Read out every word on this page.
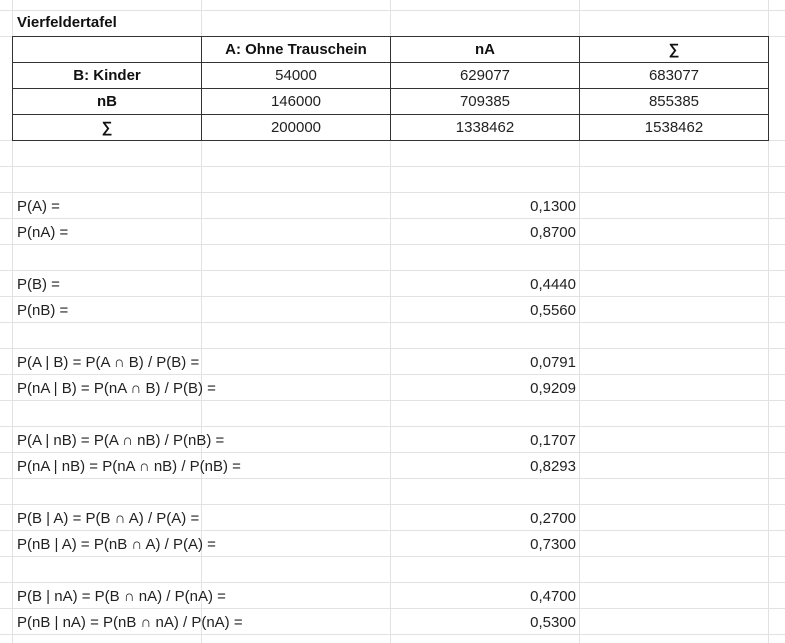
Vierfeldertafel
	A: Ohne Trauschein	nA	∑
B: Kinder	54000	629077	683077
nB	146000	709385	855385
∑	200000	1338462	1538462
P(A) =	0,1300
P(nA) =	0,8700
P(B) =	0,4440
P(nB) =	0,5560
P(A | B) = P(A ∩ B) / P(B) =	0,0791
P(nA | B) = P(nA ∩ B) / P(B) =	0,9209
P(A | nB) = P(A ∩ nB) / P(nB) =	0,1707
P(nA | nB) = P(nA ∩ nB) / P(nB) =	0,8293
P(B | A) = P(B ∩ A) / P(A) =	0,2700
P(nB | A) = P(nB ∩ A) / P(A) =	0,7300
P(B | nA) = P(B ∩ nA) / P(nA) =	0,4700
P(nB | nA) = P(nB ∩ nA) / P(nA) =	0,5300
